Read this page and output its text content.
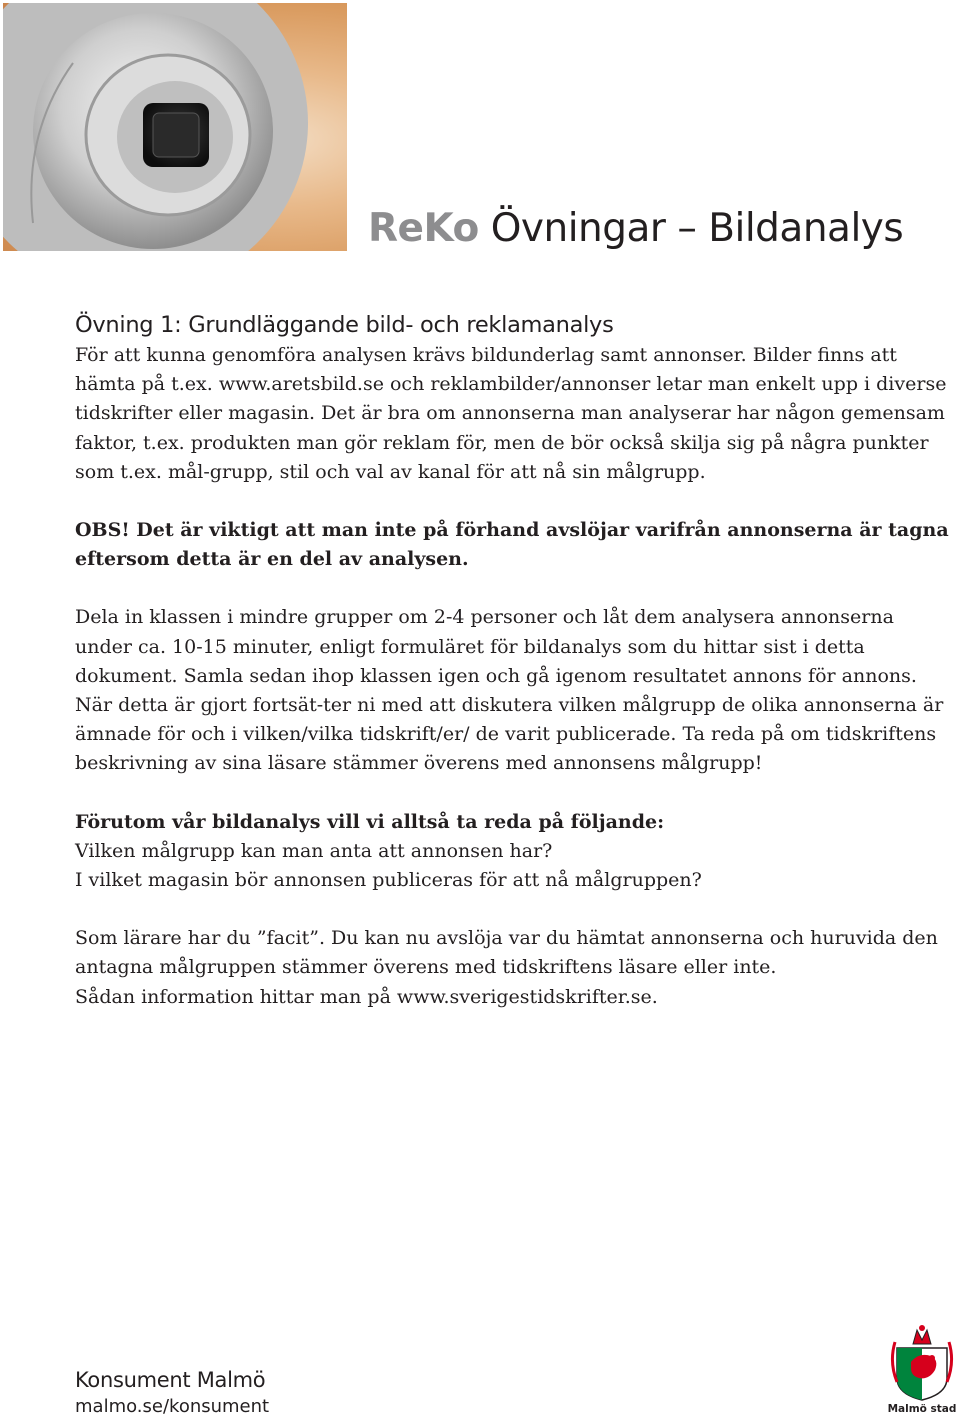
ReKo Övningar – Bildanalys
Övning 1: Grundläggande bild- och reklamanalys

För att kunna genomföra analysen krävs bildunderlag samt annonser. Bilder finns att hämta på t.ex. www.aretsbild.se och reklambilder/annonser letar man enkelt upp i diverse tidskrifter eller magasin. Det är bra om annonserna man analyserar har någon gemensam faktor, t.ex. produkten man gör reklam för, men de bör också skilja sig på några punkter som t.ex. mål-grupp, stil och val av kanal för att nå sin målgrupp.

OBS! Det är viktigt att man inte på förhand avslöjar varifrån annonserna är tagna eftersom detta är en del av analysen.

Dela in klassen i mindre grupper om 2-4 personer och låt dem analysera annonserna under ca. 10-15 minuter, enligt formuläret för bildanalys som du hittar sist i detta dokument. Samla sedan ihop klassen igen och gå igenom resultatet annons för annons. När detta är gjort fortsät-ter ni med att diskutera vilken målgrupp de olika annonserna är ämnade för och i vilken/vilka tidskrift/er/ de varit publicerade. Ta reda på om tidskriftens beskrivning av sina läsare stämmer överens med annonsens målgrupp!

Förutom vår bildanalys vill vi alltså ta reda på följande:

Vilken målgrupp kan man anta att annonsen har?

I vilket magasin bör annonsen publiceras för att nå målgruppen?

Som lärare har du ”facit”. Du kan nu avslöja var du hämtat annonserna och huruvida den antagna målgruppen stämmer överens med tidskriftens läsare eller inte.

Sådan information hittar man på www.sverigestidskrifter.se.

Konsument Malmö
malmo.se/konsument	Malmö stad
